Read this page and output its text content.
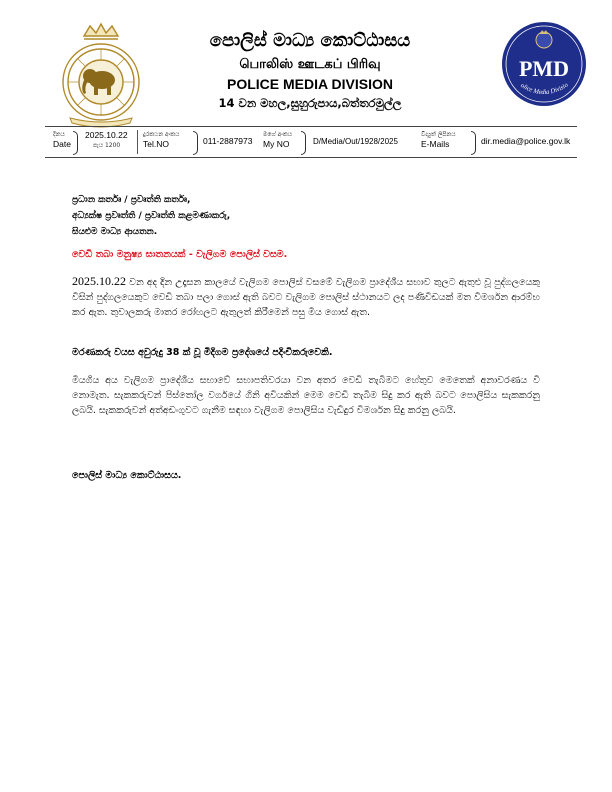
පොලිස් මාධ්‍ය කොට්ඨාසය
பொலிஸ் ஊடகப் பிரிவு
POLICE MEDIA DIVISION
14 වන මහල,සුහුරුපාය,බත්තරමුල්ල
PMD
olice Media Divisio
දිනය
Date
2025.10.22
පැය 1200
දුරකථන අංකය
Tel.NO	011-2887973
මගේ අංකය
My NO	D/Media/Out/1928/2025
විද්‍යුත් ලිපිනය
E-Mails	dir.media@police.gov.lk
ප්‍රධාන කර්තෘ / ප්‍රවෘත්ති කර්තෘ,
අධ්‍යක්ෂ ප්‍රවෘත්ති / ප්‍රවෘත්ති කළමණාකරු,
සියළුම මාධ්‍ය ආයතන.
වෙඩි තබා මනුෂ්‍ය ඝාතනයක් - වැලිගම පොලිස් වසම.
2025.10.22 වන අද දින උදෑසන කාලයේ වැලිගම පොලිස් වසමේ වැලිගම ප්‍රාදේශීය සභාව තුලට ඇතුළු වූ පුද්ගලයෙකු විසින් පුද්ගලයෙකුට වෙඩි තබා පලා ගොස් ඇති බවට වැලිගම පොලිස් ස්ථානයට ලද පණිවිඩයක් මත විමර්ශන ආරම්භ කර ඇත. තුවාලකරු මාතර රෝහලට ඇතුලත් කිරීමෙන් පසු මිය ගොස් ඇත.
මරණකරු වයස අවුරුදු 38 ක් වූ මිදිගම ප්‍රදේශයේ පදිංචිකරුවෙකි.
මියගිය අය වැලිගම ප්‍රාදේශීය සභාවේ සභාපතිවරයා වන අතර වෙඩි තැබීමට හේතුව මෙතෙක් අනාවරණය වී නොමැත. සැකකරුවන් පිස්තෝල වර්ගයේ ගිනි අවියකින් මෙම වෙඩි තැබීම සිදු කර ඇති බවට පොලිසිය සැකකරනු ලබයි. සැකකරුවන් අත්අඩංගුවට ගැනීම සඳහා වැලිගම පොලිසිය වැඩිදුර විමර්ශන සිදු කරනු ලබයි.
පොලිස් මාධ්‍ය කොට්ඨාසය.
